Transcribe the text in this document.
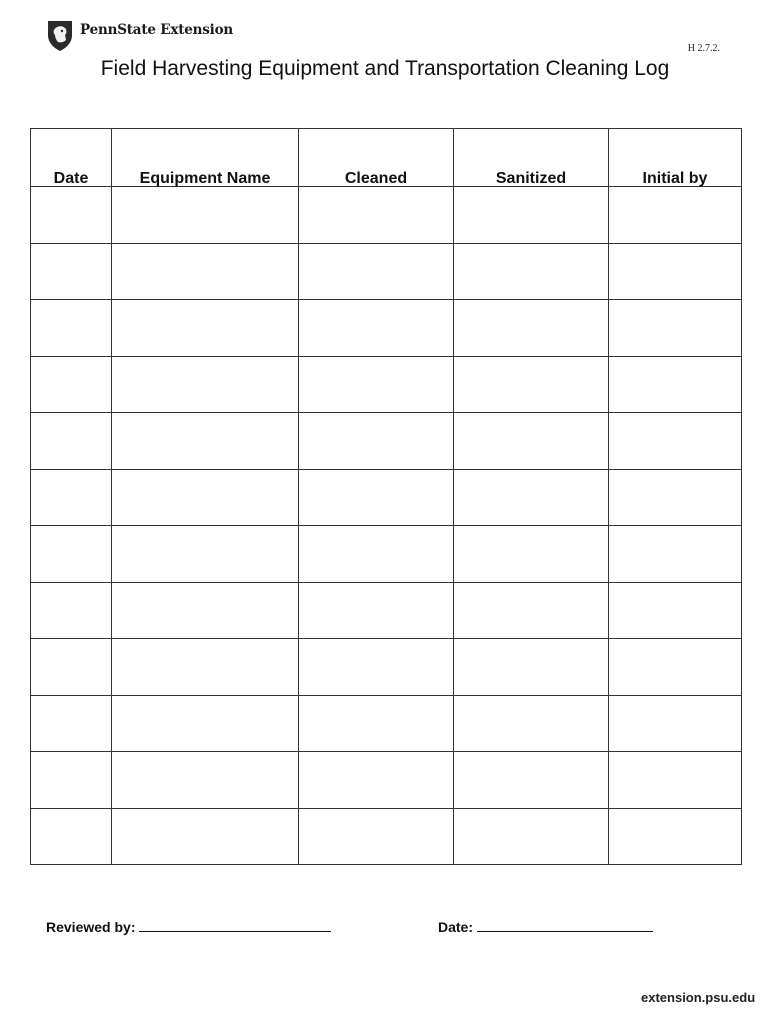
PennState Extension
H 2.7.2.
Field Harvesting Equipment and Transportation Cleaning Log
Date	Equipment Name	Cleaned	Sanitized	Initial by

Reviewed by:	Date:
extension.psu.edu
